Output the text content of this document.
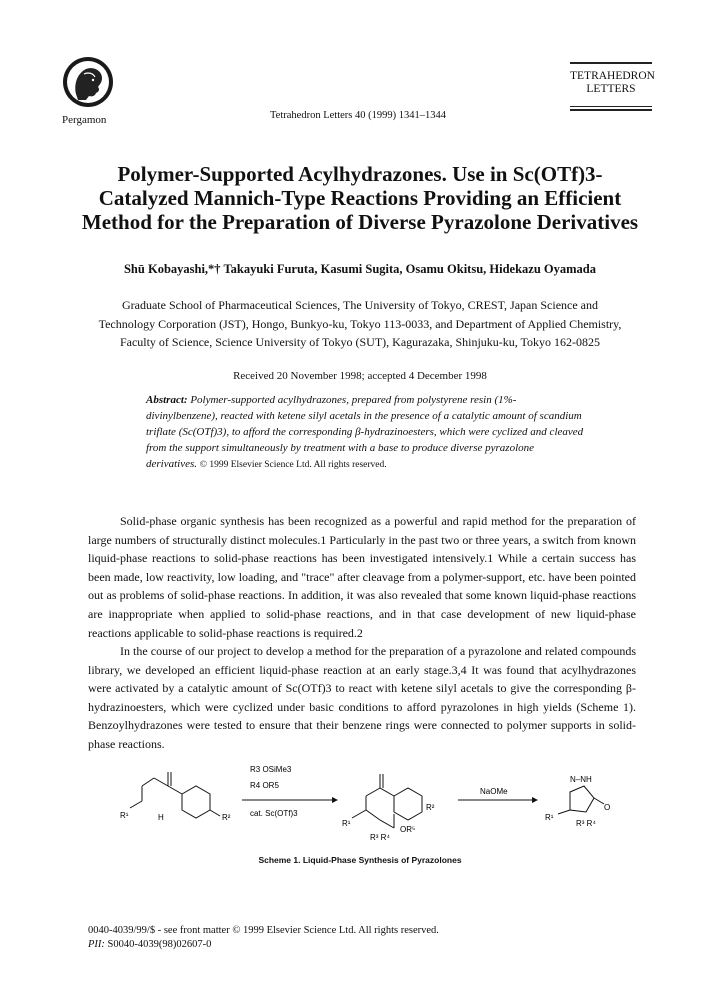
Pergamon	Tetrahedron Letters 40 (1999) 1341–1344
TETRAHEDRON
LETTERS
Polymer-Supported Acylhydrazones. Use in Sc(OTf)3-
Catalyzed Mannich-Type Reactions Providing an Efficient
Method for the Preparation of Diverse Pyrazolone Derivatives
Shū Kobayashi,*† Takayuki Furuta, Kasumi Sugita, Osamu Okitsu, Hidekazu Oyamada
Graduate School of Pharmaceutical Sciences, The University of Tokyo, CREST, Japan Science and
Technology Corporation (JST), Hongo, Bunkyo-ku, Tokyo 113-0033, and Department of Applied Chemistry,
Faculty of Science, Science University of Tokyo (SUT), Kagurazaka, Shinjuku-ku, Tokyo 162-0825
Received 20 November 1998; accepted 4 December 1998
Abstract: Polymer-supported acylhydrazones, prepared from polystyrene resin (1%-divinylbenzene), reacted with ketene silyl acetals in the presence of a catalytic amount of scandium triflate (Sc(OTf)3), to afford the corresponding β-hydrazinoesters, which were cyclized and cleaved from the support simultaneously by treatment with a base to produce diverse pyrazolone derivatives. © 1999 Elsevier Science Ltd. All rights reserved.
Solid-phase organic synthesis has been recognized as a powerful and rapid method for the preparation of large numbers of structurally distinct molecules.1 Particularly in the past two or three years, a switch from known liquid-phase reactions to solid-phase reactions has been investigated intensively.1 While a certain success has been made, low reactivity, low loading, and "trace" after cleavage from a polymer-support, etc. have been pointed out as problems of solid-phase reactions. In addition, it was also revealed that some known liquid-phase reactions are inappropriate when applied to solid-phase reactions, and in that case development of new liquid-phase reactions applicable to solid-phase reactions is required.2
In the course of our project to develop a method for the preparation of a pyrazolone and related compounds library, we developed an efficient liquid-phase reaction at an early stage.3,4 It was found that acylhydrazones were activated by a catalytic amount of Sc(OTf)3 to react with ketene silyl acetals to give the corresponding β-hydrazinoesters, which were cyclized under basic conditions to afford pyrazolones in high yields (Scheme 1). Benzoylhydrazones were tested to ensure that their benzene rings were connected to polymer supports in solid-phase reactions.
R¹	H	R²
R3 OSiMe3
R4 OR5
cat. Sc(OTf)3
R¹
OR⁵
R³ R⁴
R²
NaOMe
N–NH
R¹
R³ R⁴
O
Scheme 1. Liquid-Phase Synthesis of Pyrazolones
0040-4039/99/$ - see front matter © 1999 Elsevier Science Ltd. All rights reserved.
PII: S0040-4039(98)02607-0
